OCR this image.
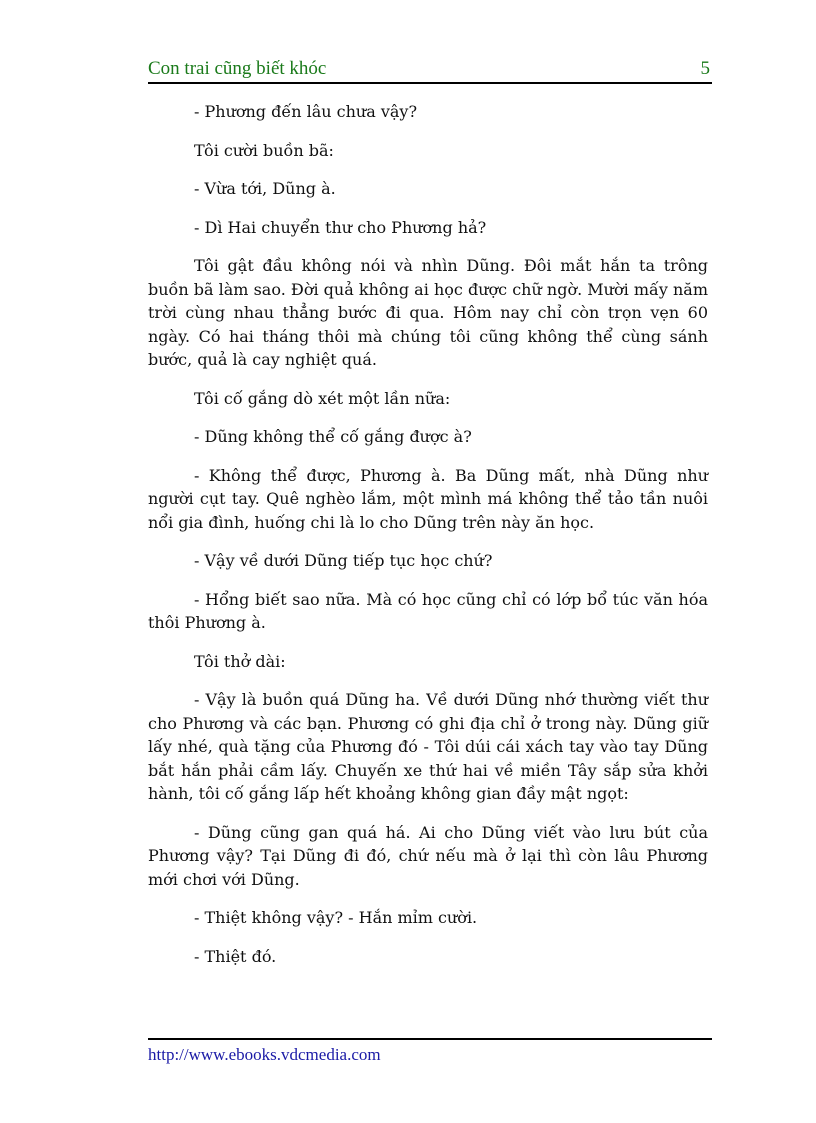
Con trai cũng biết khóc	5

- Phương đến lâu chưa vậy?

Tôi cười buồn bã:

- Vừa tới, Dũng à.

- Dì Hai chuyển thư cho Phương hả?

Tôi gật đầu không nói và nhìn Dũng. Đôi mắt hắn ta trông buồn bã làm sao. Đời quả không ai học được chữ ngờ. Mười mấy năm trời cùng nhau thẳng bước đi qua. Hôm nay chỉ còn trọn vẹn 60 ngày. Có hai tháng thôi mà chúng tôi cũng không thể cùng sánh bước, quả là cay nghiệt quá.

Tôi cố gắng dò xét một lần nữa:

- Dũng không thể cố gắng được à?

- Không thể được, Phương à. Ba Dũng mất, nhà Dũng như người cụt tay. Quê nghèo lắm, một mình má không thể tảo tần nuôi nổi gia đình, huống chi là lo cho Dũng trên này ăn học.

- Vậy về dưới Dũng tiếp tục học chứ?

- Hổng biết sao nữa. Mà có học cũng chỉ có lớp bổ túc văn hóa thôi Phương à.

Tôi thở dài:

- Vậy là buồn quá Dũng ha. Về dưới Dũng nhớ thường viết thư cho Phương và các bạn. Phương có ghi địa chỉ ở trong này. Dũng giữ lấy nhé, quà tặng của Phương đó - Tôi dúi cái xách tay vào tay Dũng bắt hắn phải cầm lấy. Chuyến xe thứ hai về miền Tây sắp sửa khởi hành, tôi cố gắng lấp hết khoảng không gian đầy mật ngọt:

- Dũng cũng gan quá há. Ai cho Dũng viết vào lưu bút của Phương vậy? Tại Dũng đi đó, chứ nếu mà ở lại thì còn lâu Phương mới chơi với Dũng.

- Thiệt không vậy? - Hắn mỉm cười.

- Thiệt đó.

http://www.ebooks.vdcmedia.com
